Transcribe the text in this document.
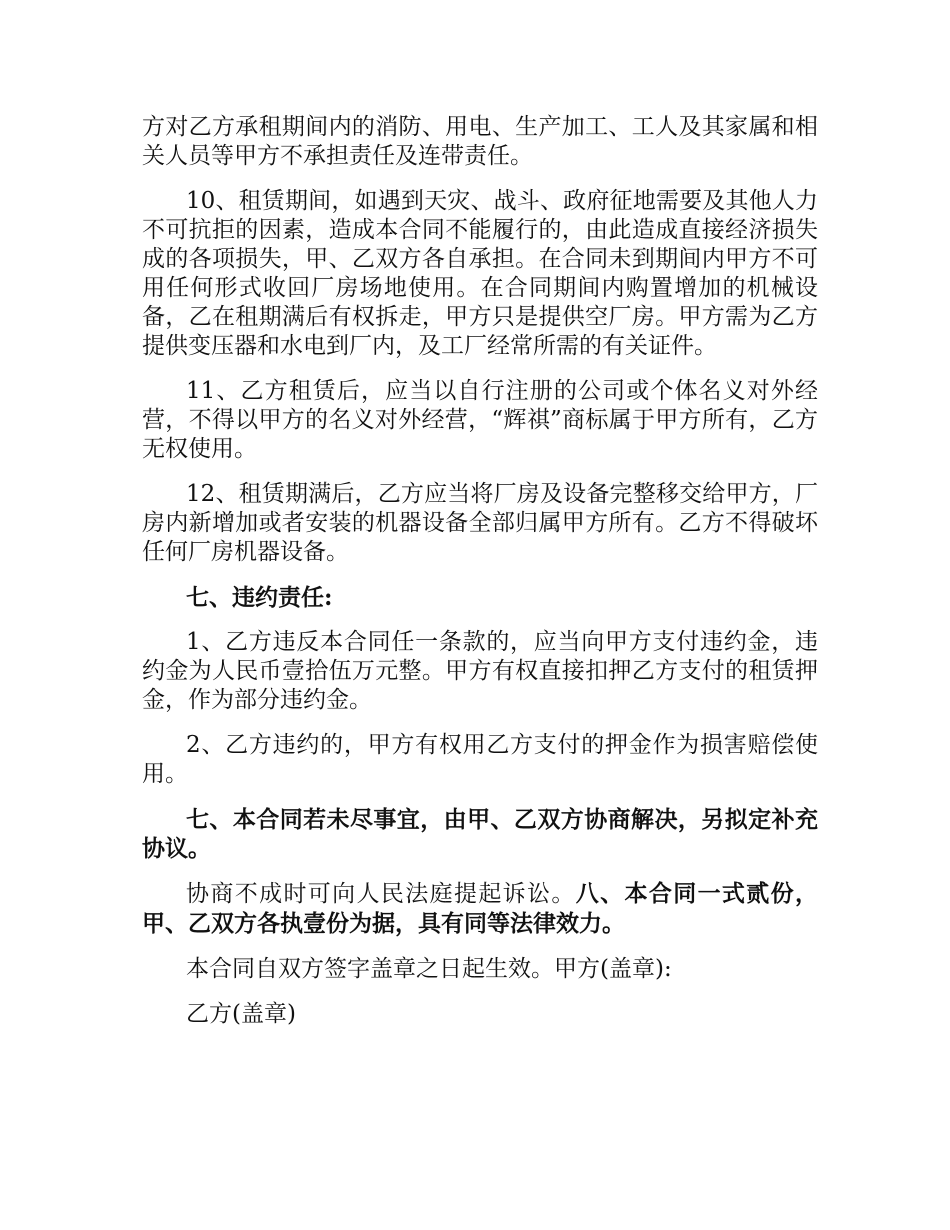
方对乙方承租期间内的消防、用电、生产加工、工人及其家属和相关人员等甲方不承担责任及连带责任。

10、租赁期间，如遇到天灾、战斗、政府征地需要及其他人力不可抗拒的因素，造成本合同不能履行的，由此造成直接经济损失成的各项损失，甲、乙双方各自承担。在合同未到期间内甲方不可用任何形式收回厂房场地使用。在合同期间内购置增加的机械设备，乙在租期满后有权拆走，甲方只是提供空厂房。甲方需为乙方提供变压器和水电到厂内，及工厂经常所需的有关证件。

11、乙方租赁后，应当以自行注册的公司或个体名义对外经营，不得以甲方的名义对外经营，“辉祺”商标属于甲方所有，乙方无权使用。

12、租赁期满后，乙方应当将厂房及设备完整移交给甲方，厂房内新增加或者安装的机器设备全部归属甲方所有。乙方不得破坏任何厂房机器设备。

七、违约责任:

1、乙方违反本合同任一条款的，应当向甲方支付违约金，违约金为人民币壹拾伍万元整。甲方有权直接扣押乙方支付的租赁押金，作为部分违约金。

2、乙方违约的，甲方有权用乙方支付的押金作为损害赔偿使用。

七、本合同若未尽事宜，由甲、乙双方协商解决，另拟定补充协议。

协商不成时可向人民法庭提起诉讼。八、本合同一式贰份，甲、乙双方各执壹份为据，具有同等法律效力。

本合同自双方签字盖章之日起生效。甲方(盖章):

乙方(盖章)
